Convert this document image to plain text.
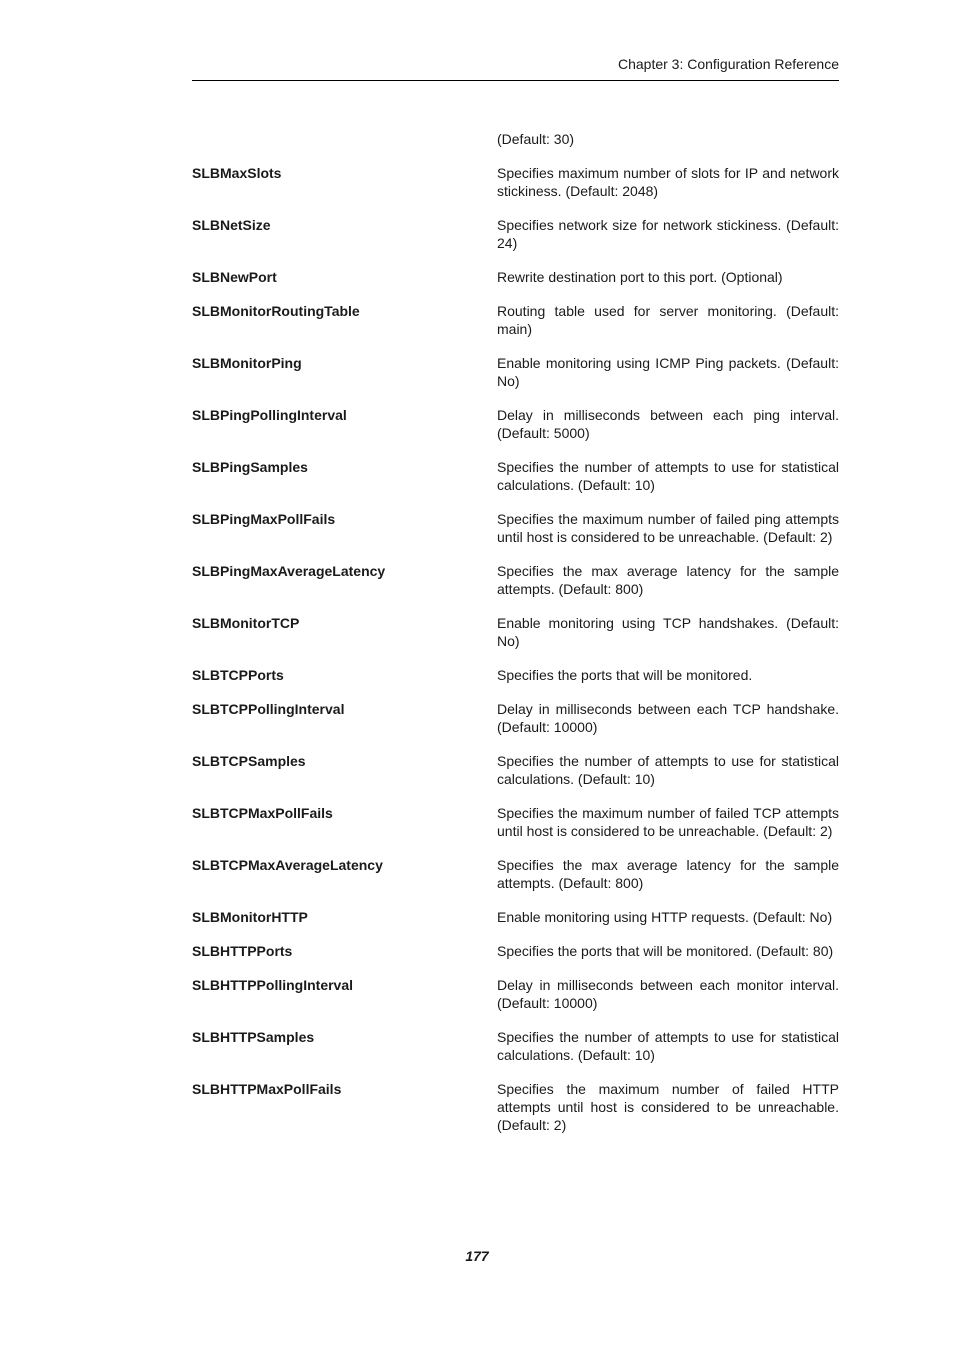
Chapter 3: Configuration Reference
(Default: 30)
SLBMaxSlots	Specifies maximum number of slots for IP and network stickiness. (Default: 2048)
SLBNetSize	Specifies network size for network stickiness. (Default: 24)
SLBNewPort	Rewrite destination port to this port. (Optional)
SLBMonitorRoutingTable	Routing table used for server monitoring. (Default: main)
SLBMonitorPing	Enable monitoring using ICMP Ping packets. (Default: No)
SLBPingPollingInterval	Delay in milliseconds between each ping interval. (Default: 5000)
SLBPingSamples	Specifies the number of attempts to use for statistical calculations. (Default: 10)
SLBPingMaxPollFails	Specifies the maximum number of failed ping attempts until host is considered to be unreachable. (Default: 2)
SLBPingMaxAverageLatency	Specifies the max average latency for the sample attempts. (Default: 800)
SLBMonitorTCP	Enable monitoring using TCP handshakes. (Default: No)
SLBTCPPorts	Specifies the ports that will be monitored.
SLBTCPPollingInterval	Delay in milliseconds between each TCP handshake. (Default: 10000)
SLBTCPSamples	Specifies the number of attempts to use for statistical calculations. (Default: 10)
SLBTCPMaxPollFails	Specifies the maximum number of failed TCP attempts until host is considered to be unreachable. (Default: 2)
SLBTCPMaxAverageLatency	Specifies the max average latency for the sample attempts. (Default: 800)
SLBMonitorHTTP	Enable monitoring using HTTP requests. (Default: No)
SLBHTTPPorts	Specifies the ports that will be monitored. (Default: 80)
SLBHTTPPollingInterval	Delay in milliseconds between each monitor interval. (Default: 10000)
SLBHTTPSamples	Specifies the number of attempts to use for statistical calculations. (Default: 10)
SLBHTTPMaxPollFails	Specifies the maximum number of failed HTTP attempts until host is considered to be unreachable. (Default: 2)
177
